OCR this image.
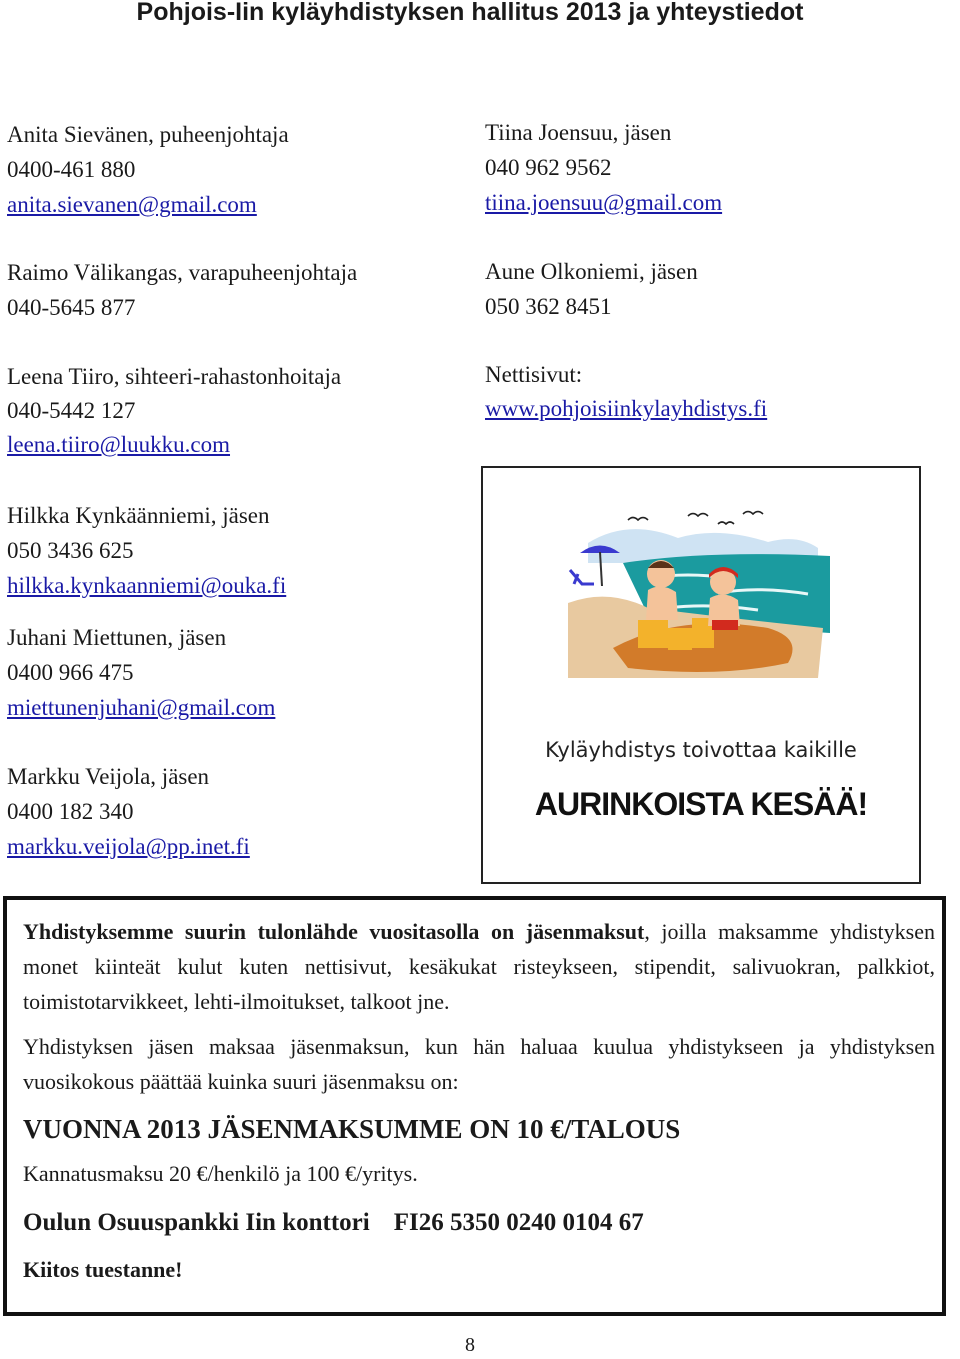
Pohjois-Iin kyläyhdistyksen hallitus 2013 ja yhteystiedot
Anita Sievänen, puheenjohtaja
0400-461 880
anita.sievanen@gmail.com
Raimo Välikangas, varapuheenjohtaja
040-5645 877
Leena Tiiro, sihteeri-rahastonhoitaja
040-5442 127
leena.tiiro@luukku.com
Tiina Joensuu, jäsen
040 962 9562
tiina.joensuu@gmail.com
Aune Olkoniemi, jäsen
050 362 8451
Nettisivut:
www.pohjoisiinkylayhdistys.fi
Hilkka Kynkäänniemi, jäsen
050 3436 625
hilkka.kynkaanniemi@ouka.fi
Juhani Miettunen, jäsen
0400 966 475
miettunenjuhani@gmail.com
Markku Veijola, jäsen
0400 182 340
markku.veijola@pp.inet.fi
Kyläyhdistys toivottaa kaikille
AURINKOISTA KESÄÄ!

Yhdistyksemme suurin tulonlähde vuositasolla on jäsenmaksut, joilla maksamme yhdistyksen monet kiinteät kulut kuten nettisivut, kesäkukat risteykseen, stipendit, salivuokran, palkkiot, toimistotarvikkeet, lehti-ilmoitukset, talkoot jne.

Yhdistyksen jäsen maksaa jäsenmaksun, kun hän haluaa kuulua yhdistykseen ja yhdistyksen vuosikokous päättää kuinka suuri jäsenmaksu on:

VUONNA 2013 JÄSENMAKSUMME ON 10 €/TALOUS

Kannatusmaksu 20 €/henkilö ja 100 €/yritys.

Oulun Osuuspankki Iin konttori FI26 5350 0240 0104 67

Kiitos tuestanne!

8
